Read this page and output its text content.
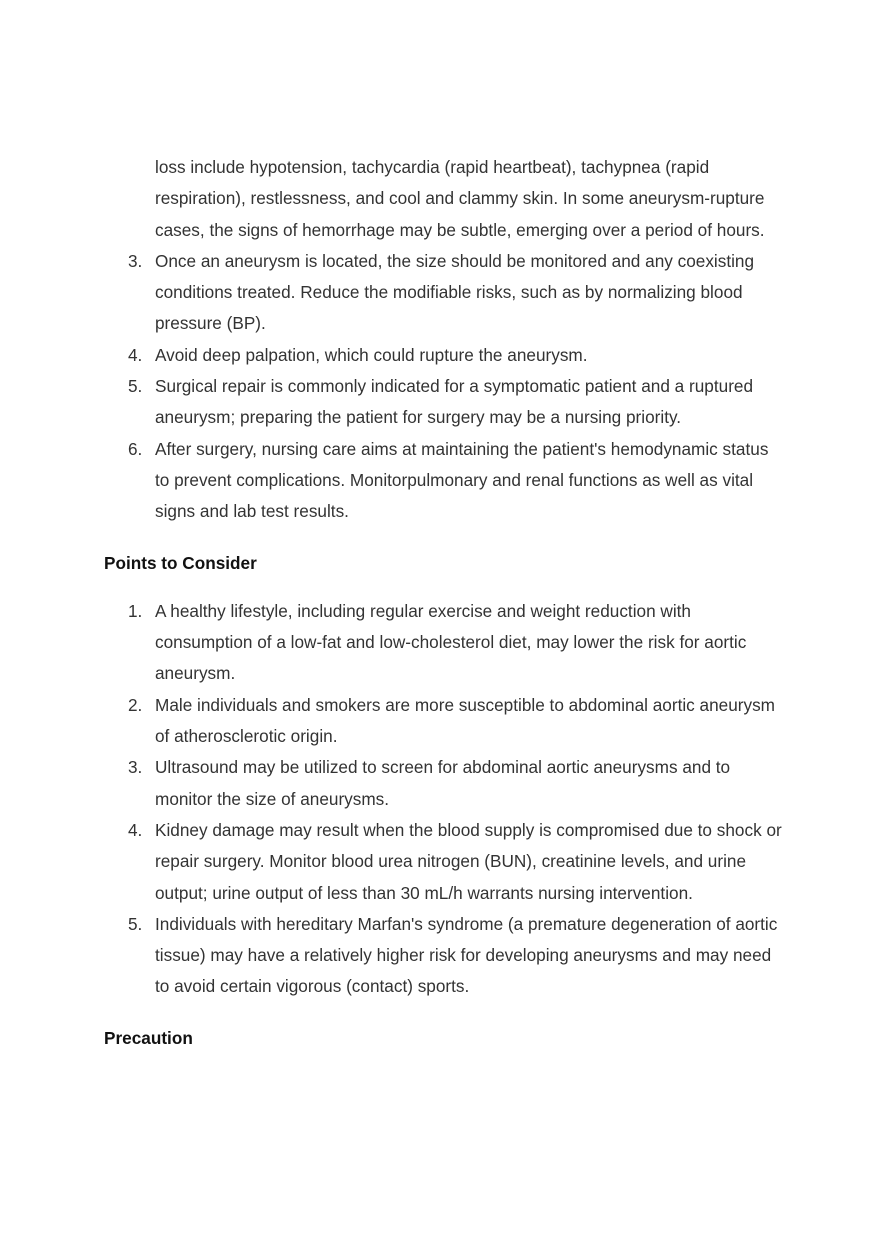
loss include hypotension, tachycardia (rapid heartbeat), tachypnea (rapid respiration), restlessness, and cool and clammy skin. In some aneurysm-rupture cases, the signs of hemorrhage may be subtle, emerging over a period of hours.
3. Once an aneurysm is located, the size should be monitored and any coexisting conditions treated. Reduce the modifiable risks, such as by normalizing blood pressure (BP).
4. Avoid deep palpation, which could rupture the aneurysm.
5. Surgical repair is commonly indicated for a symptomatic patient and a ruptured aneurysm; preparing the patient for surgery may be a nursing priority.
6. After surgery, nursing care aims at maintaining the patient's hemodynamic status to prevent complications. Monitorpulmonary and renal functions as well as vital signs and lab test results.
Points to Consider
1. A healthy lifestyle, including regular exercise and weight reduction with consumption of a low-fat and low-cholesterol diet, may lower the risk for aortic aneurysm.
2. Male individuals and smokers are more susceptible to abdominal aortic aneurysm of atherosclerotic origin.
3. Ultrasound may be utilized to screen for abdominal aortic aneurysms and to monitor the size of aneurysms.
4. Kidney damage may result when the blood supply is compromised due to shock or repair surgery. Monitor blood urea nitrogen (BUN), creatinine levels, and urine output; urine output of less than 30 mL/h warrants nursing intervention.
5. Individuals with hereditary Marfan's syndrome (a premature degeneration of aortic tissue) may have a relatively higher risk for developing aneurysms and may need to avoid certain vigorous (contact) sports.
Precaution
